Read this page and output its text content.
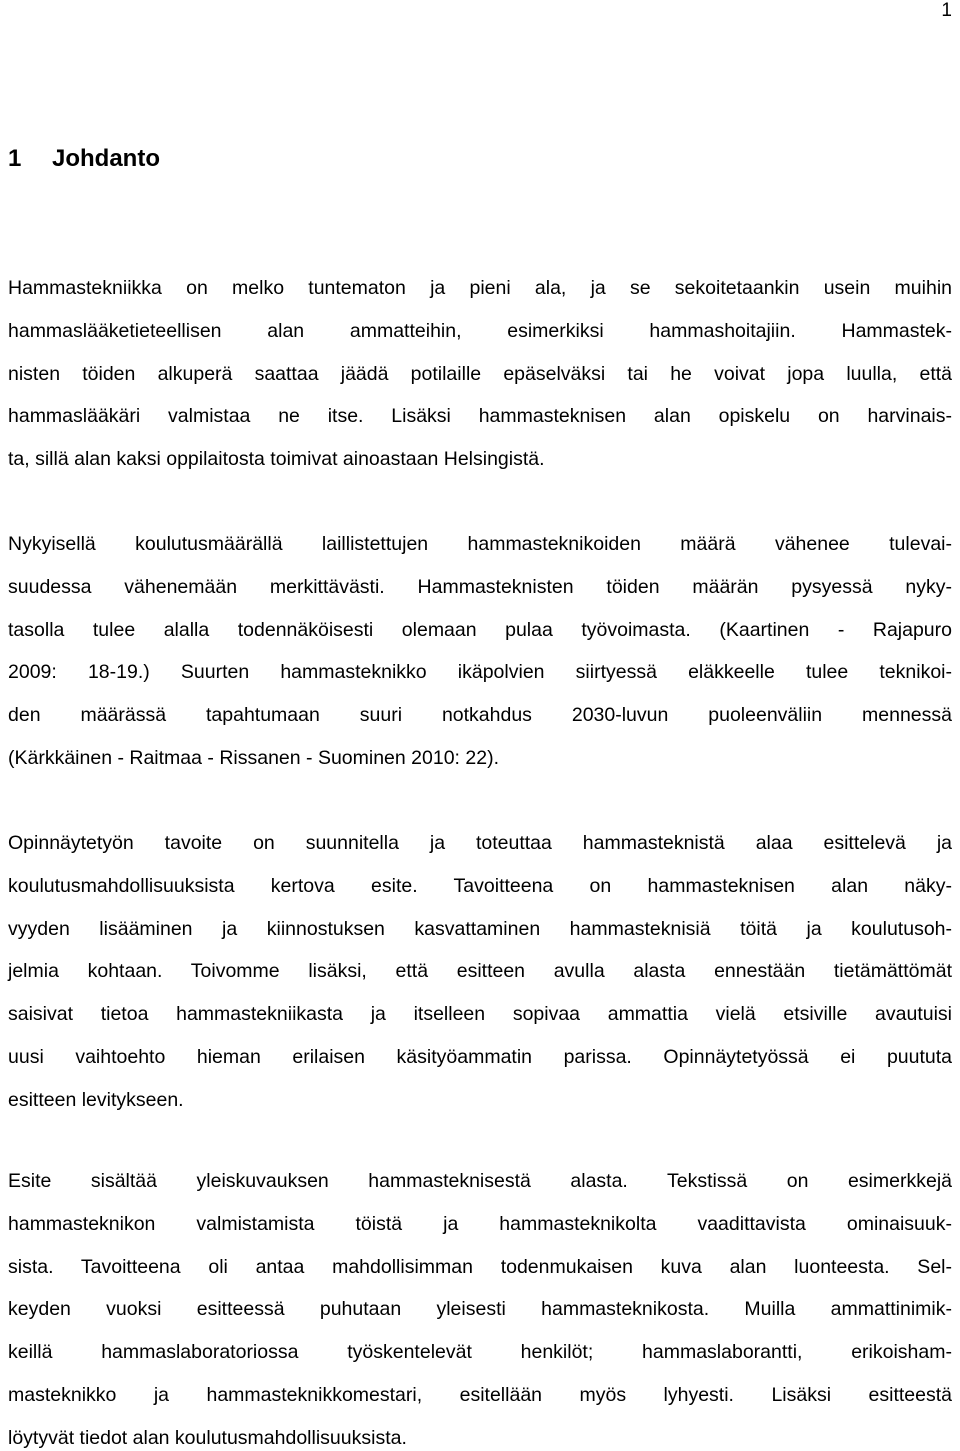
1
1 Johdanto
Hammastekniikka on melko tuntematon ja pieni ala, ja se sekoitetaankin usein muihin
hammaslääketieteellisen alan ammatteihin, esimerkiksi hammashoitajiin. Hammastek-
nisten töiden alkuperä saattaa jäädä potilaille epäselväksi tai he voivat jopa luulla, että
hammaslääkäri valmistaa ne itse. Lisäksi hammasteknisen alan opiskelu on harvinais-
ta, sillä alan kaksi oppilaitosta toimivat ainoastaan Helsingistä.
Nykyisellä koulutusmäärällä laillistettujen hammasteknikoiden määrä vähenee tulevai-
suudessa vähenemään merkittävästi. Hammasteknisten töiden määrän pysyessä nyky-
tasolla tulee alalla todennäköisesti olemaan pulaa työvoimasta. (Kaartinen - Rajapuro
2009: 18-19.) Suurten hammasteknikko ikäpolvien siirtyessä eläkkeelle tulee teknikoi-
den määrässä tapahtumaan suuri notkahdus 2030-luvun puoleenväliin mennessä
(Kärkkäinen - Raitmaa - Rissanen - Suominen 2010: 22).
Opinnäytetyön tavoite on suunnitella ja toteuttaa hammasteknistä alaa esittelevä ja
koulutusmahdollisuuksista kertova esite. Tavoitteena on hammasteknisen alan näky-
vyyden lisääminen ja kiinnostuksen kasvattaminen hammasteknisiä töitä ja koulutusoh-
jelmia kohtaan. Toivomme lisäksi, että esitteen avulla alasta ennestään tietämättömät
saisivat tietoa hammastekniikasta ja itselleen sopivaa ammattia vielä etsiville avautuisi
uusi vaihtoehto hieman erilaisen käsityöammatin parissa. Opinnäytetyössä ei puututa
esitteen levitykseen.
Esite sisältää yleiskuvauksen hammasteknisestä alasta. Tekstissä on esimerkkejä
hammasteknikon valmistamista töistä ja hammasteknikolta vaadittavista ominaisuuk-
sista. Tavoitteena oli antaa mahdollisimman todenmukaisen kuva alan luonteesta. Sel-
keyden vuoksi esitteessä puhutaan yleisesti hammasteknikosta. Muilla ammattinimik-
keillä hammaslaboratoriossa työskentelevät henkilöt; hammaslaborantti, erikoisham-
masteknikko ja hammasteknikkomestari, esitellään myös lyhyesti. Lisäksi esitteestä
löytyvät tiedot alan koulutusmahdollisuuksista.
